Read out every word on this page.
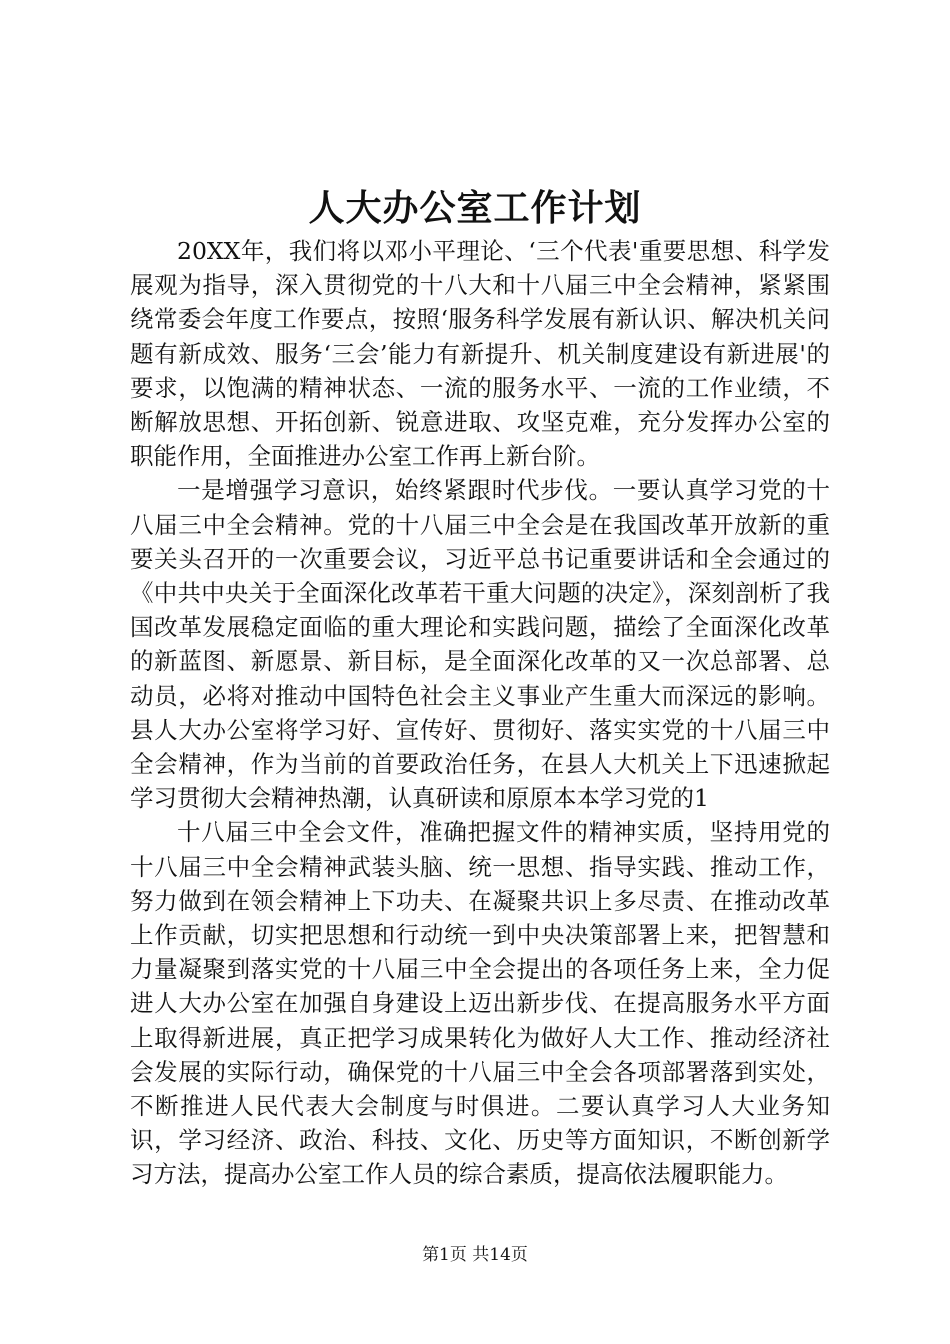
人大办公室工作计划

20XX年，我们将以邓小平理论、‘三个代表'重要思想、科学发展观为指导，深入贯彻党的十八大和十八届三中全会精神，紧紧围绕常委会年度工作要点，按照‘服务科学发展有新认识、解决机关问题有新成效、服务‘三会’能力有新提升、机关制度建设有新进展'的要求，以饱满的精神状态、一流的服务水平、一流的工作业绩，不断解放思想、开拓创新、锐意进取、攻坚克难，充分发挥办公室的职能作用，全面推进办公室工作再上新台阶。

一是增强学习意识，始终紧跟时代步伐。一要认真学习党的十八届三中全会精神。党的十八届三中全会是在我国改革开放新的重要关头召开的一次重要会议，习近平总书记重要讲话和全会通过的《中共中央关于全面深化改革若干重大问题的决定》，深刻剖析了我国改革发展稳定面临的重大理论和实践问题，描绘了全面深化改革的新蓝图、新愿景、新目标，是全面深化改革的又一次总部署、总动员，必将对推动中国特色社会主义事业产生重大而深远的影响。县人大办公室将学习好、宣传好、贯彻好、落实实党的十八届三中全会精神，作为当前的首要政治任务，在县人大机关上下迅速掀起学习贯彻大会精神热潮，认真研读和原原本本学习党的1

十八届三中全会文件，准确把握文件的精神实质，坚持用党的十八届三中全会精神武装头脑、统一思想、指导实践、推动工作，努力做到在领会精神上下功夫、在凝聚共识上多尽责、在推动改革上作贡献，切实把思想和行动统一到中央决策部署上来，把智慧和力量凝聚到落实党的十八届三中全会提出的各项任务上来，全力促进人大办公室在加强自身建设上迈出新步伐、在提高服务水平方面上取得新进展，真正把学习成果转化为做好人大工作、推动经济社会发展的实际行动，确保党的十八届三中全会各项部署落到实处，不断推进人民代表大会制度与时俱进。二要认真学习人大业务知识，学习经济、政治、科技、文化、历史等方面知识，不断创新学习方法，提高办公室工作人员的综合素质，提高依法履职能力。

第1页 共14页
